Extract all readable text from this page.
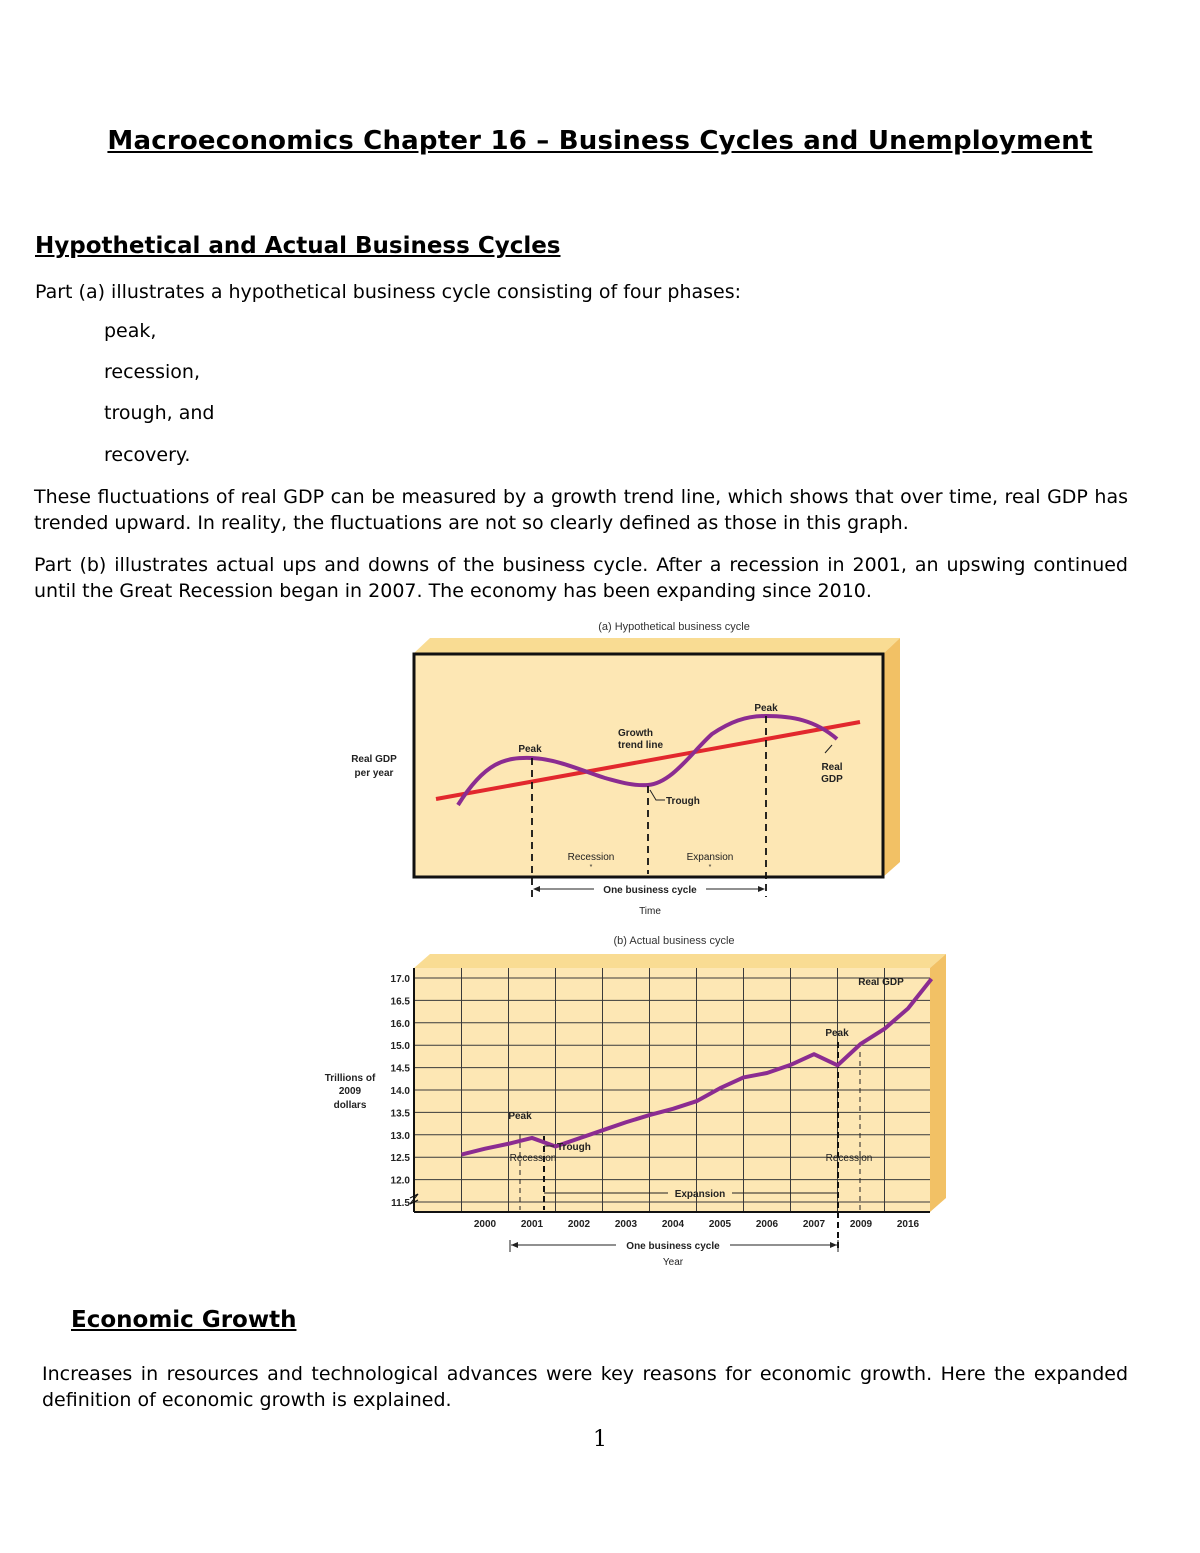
Macroeconomics Chapter 16 – Business Cycles and Unemployment
Hypothetical and Actual Business Cycles
Part (a) illustrates a hypothetical business cycle consisting of four phases:
peak,
recession,
trough, and
recovery.
These fluctuations of real GDP can be measured by a growth trend line, which shows that over time, real GDP has trended upward. In reality, the fluctuations are not so clearly defined as those in this graph.
Part (b) illustrates actual ups and downs of the business cycle. After a recession in 2001, an upswing continued until the Great Recession began in 2007. The economy has been expanding since 2010.
(a) Hypothetical business cycle
Peak
Peak
Growth
trend line
Trough
Real
GDP
Real GDP
per year
Recession	Expansion
*	*
One business cycle
Time
(b) Actual business cycle
17.0
16.5
16.0
15.0
14.5
14.0
13.5
13.0
12.5
12.0
11.5
2000 2001 2002 2003 2004 2005 2006 2007 2009 2016
Trillions of
2009
dollars
Peak
Peak
Trough
Real GDP
Recession	Recession
Expansion
One business cycle
Year
Economic Growth
Increases in resources and technological advances were key reasons for economic growth. Here the expanded definition of economic growth is explained.
1
